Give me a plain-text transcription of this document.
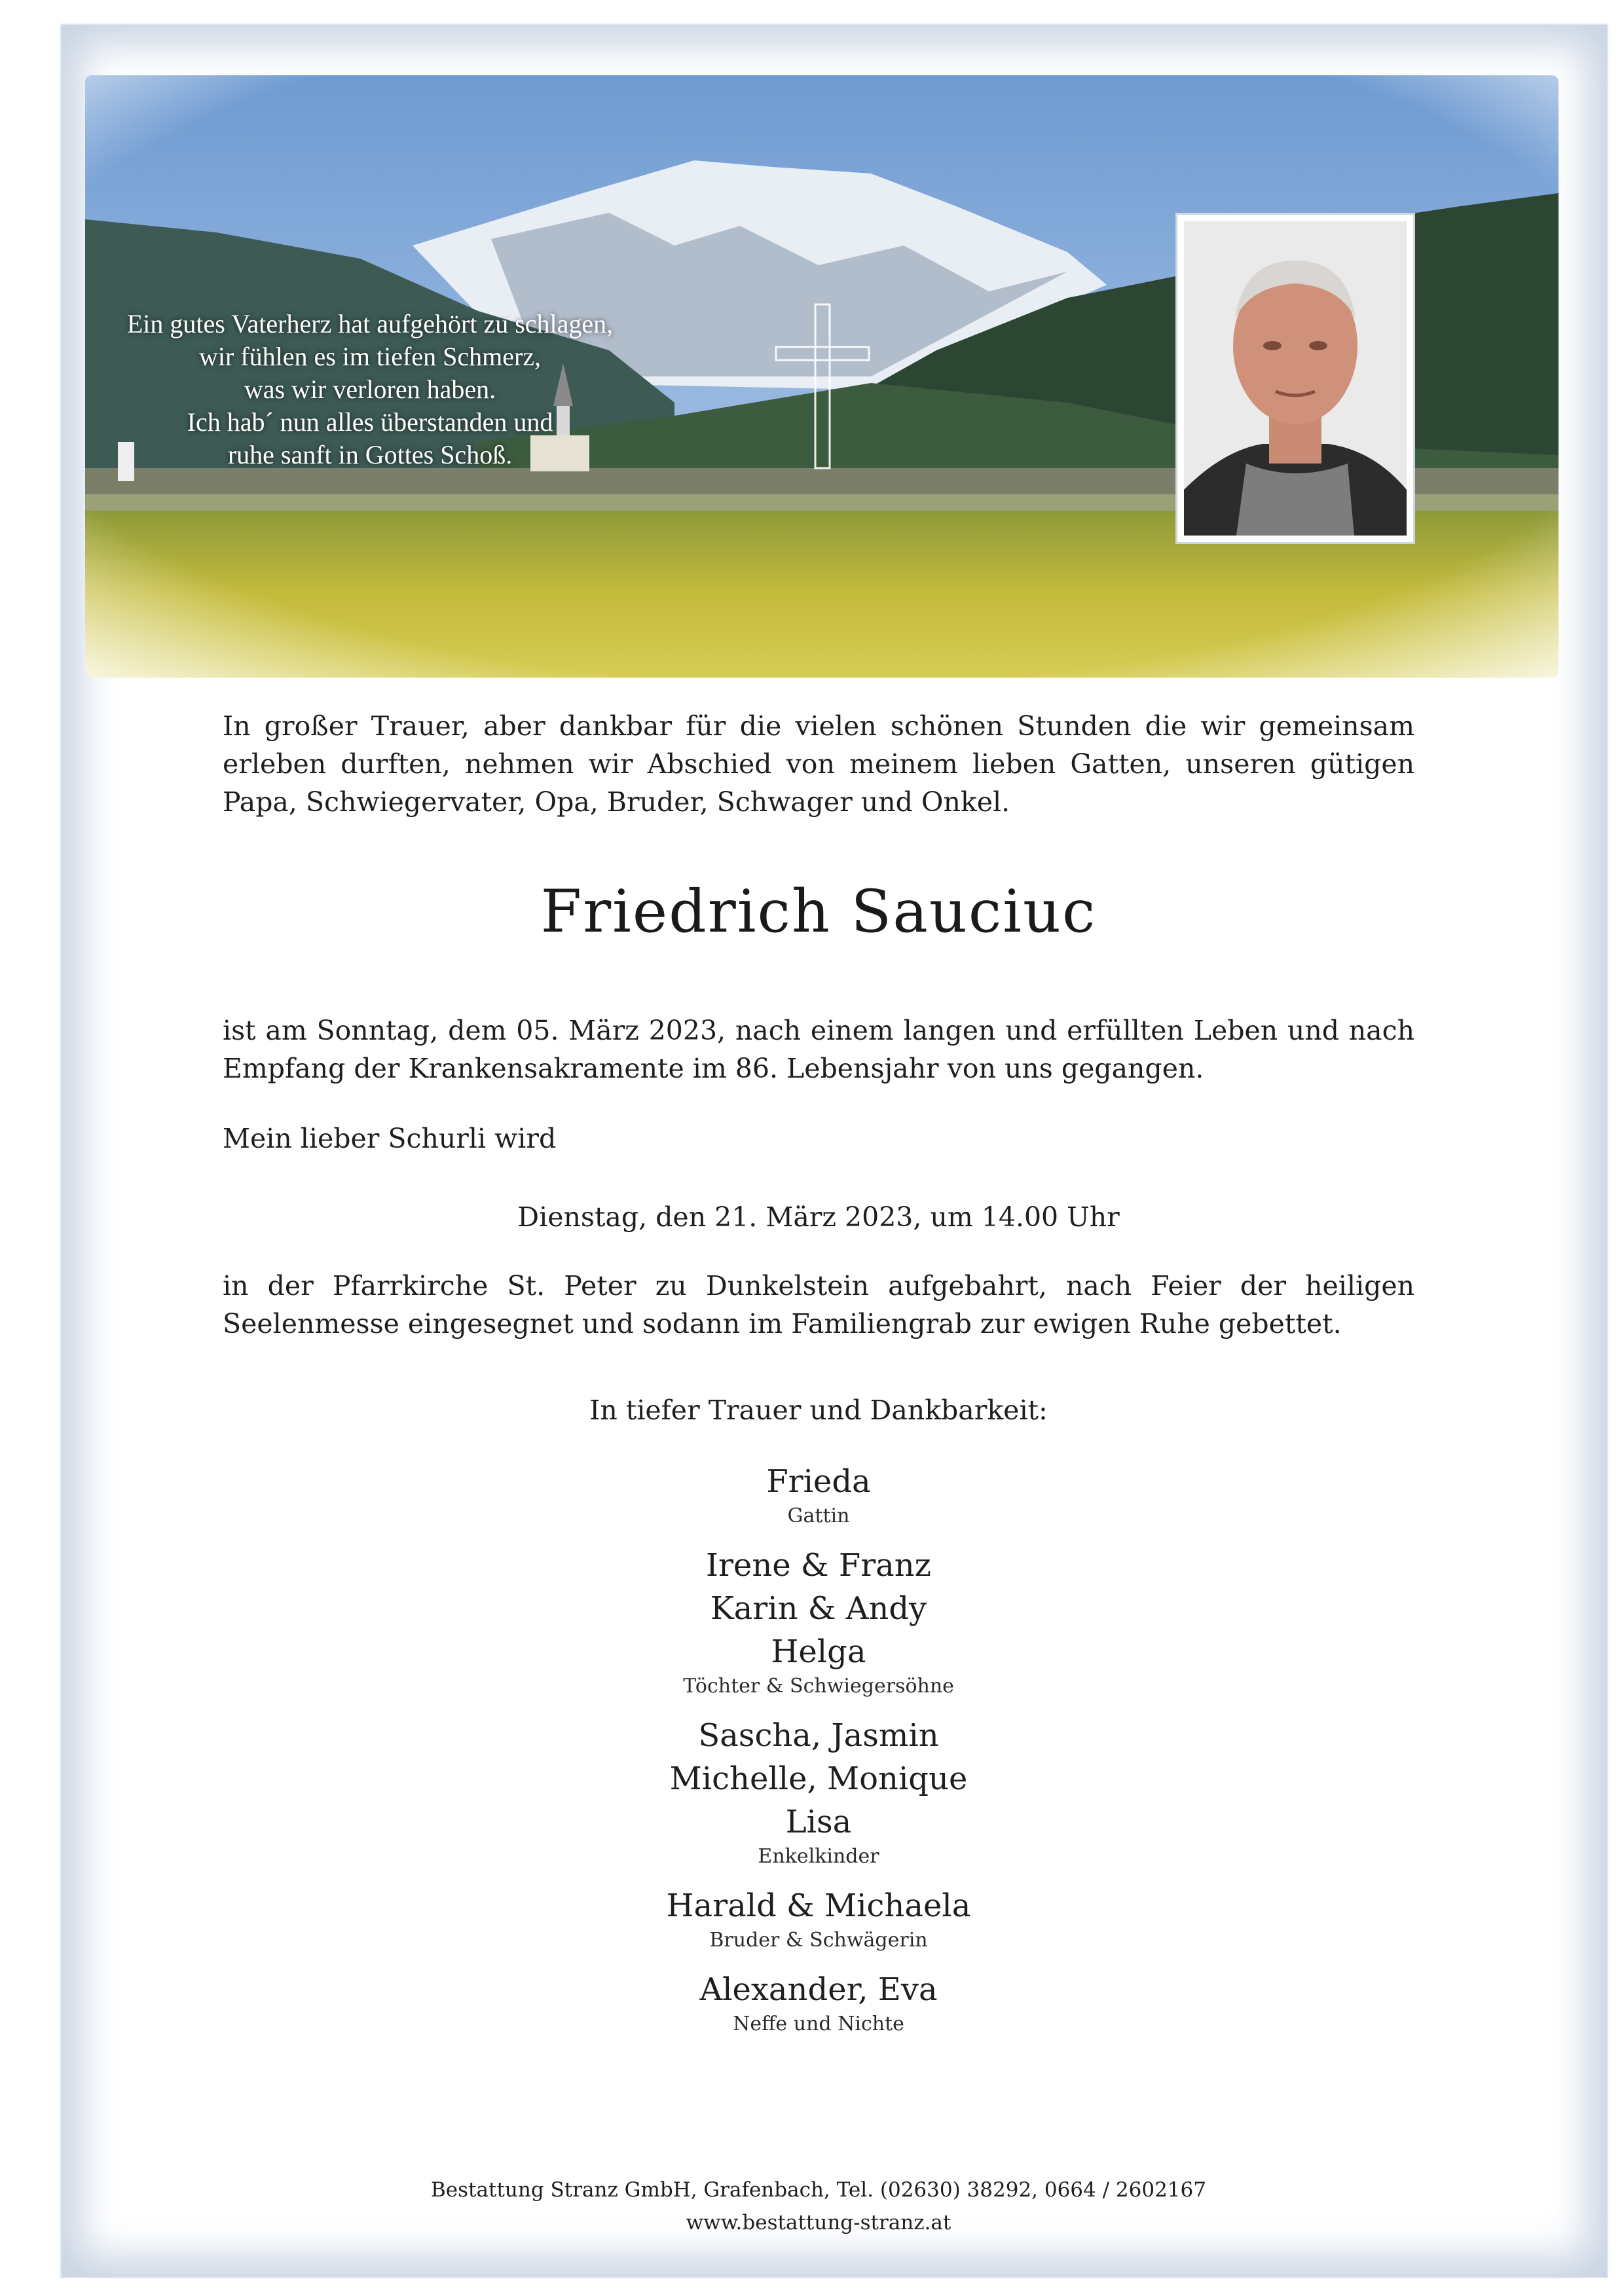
Ein gutes Vaterherz hat aufgehört zu schlagen,
wir fühlen es im tiefen Schmerz,
was wir verloren haben.
Ich hab´ nun alles überstanden und
ruhe sanft in Gottes Schoß.
In großer Trauer, aber dankbar für die vielen schönen Stunden die wir gemeinsam erleben durften, nehmen wir Abschied von meinem lieben Gatten, unseren gütigen Papa, Schwiegervater, Opa, Bruder, Schwager und Onkel.
Friedrich Sauciuc
ist am Sonntag, dem 05. März 2023, nach einem langen und erfüllten Leben und nach Empfang der Krankensakramente im 86. Lebensjahr von uns gegangen.
Mein lieber Schurli wird
Dienstag, den 21. März 2023, um 14.00 Uhr
in der Pfarrkirche St. Peter zu Dunkelstein aufgebahrt, nach Feier der heiligen Seelenmesse eingesegnet und sodann im Familiengrab zur ewigen Ruhe gebettet.
In tiefer Trauer und Dankbarkeit:
Frieda
Gattin
Irene & Franz
Karin & Andy
Helga
Töchter & Schwiegersöhne
Sascha, Jasmin
Michelle, Monique
Lisa
Enkelkinder
Harald & Michaela
Bruder & Schwägerin
Alexander, Eva
Neffe und Nichte
Bestattung Stranz GmbH, Grafenbach, Tel. (02630) 38292, 0664 / 2602167
www.bestattung-stranz.at
